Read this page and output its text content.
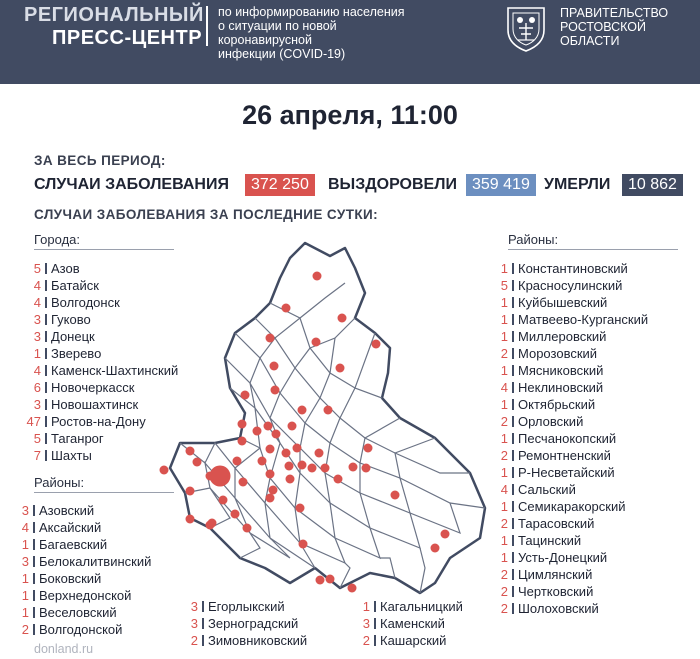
РЕГИОНАЛЬНЫЙ
ПРЕСС-ЦЕНТР
по информированию населения
о ситуации по новой коронавирусной
инфекции (COVID-19)
ПРАВИТЕЛЬСТВО
РОСТОВСКОЙ
ОБЛАСТИ
26 апреля, 11:00
ЗА ВЕСЬ ПЕРИОД:
СЛУЧАИ ЗАБОЛЕВАНИЯ	372 250	ВЫЗДОРОВЕЛИ 359 419 УМЕРЛИ	10 862
СЛУЧАИ ЗАБОЛЕВАНИЯ ЗА ПОСЛЕДНИЕ СУТКИ:
Города:
5 Азов
4 Батайск
4 Волгодонск
3 Гуково
3 Донецк
1 Зверево
4 Каменск-Шахтинский
6 Новочеркасск
3 Новошахтинск
47 Ростов-на-Дону
5 Таганрог
7 Шахты
Районы:
3 Азовский
4 Аксайский
1 Багаевский
3 Белокалитвинский
1 Боковский
1 Верхнедонской
1 Веселовский
2 Волгодонской
3 Егорлыкский
3 Зерноградский
2 Зимовниковский
1 Кагальницкий
3 Каменский
2 Кашарский
Районы:
1 Константиновский
5 Красносулинский
1 Куйбышевский
1 Матвеево-Курганский
1 Миллеровский
2 Морозовский
1 Мясниковский
4 Неклиновский
1 Октябрьский
2 Орловский
1 Песчанокопский
2 Ремонтненский
1 Р-Несветайский
4 Сальский
1 Семикаракорский
2 Тарасовский
1 Тацинский
1 Усть-Донецкий
2 Цимлянский
2 Чертковский
2 Шолоховский
donland.ru
